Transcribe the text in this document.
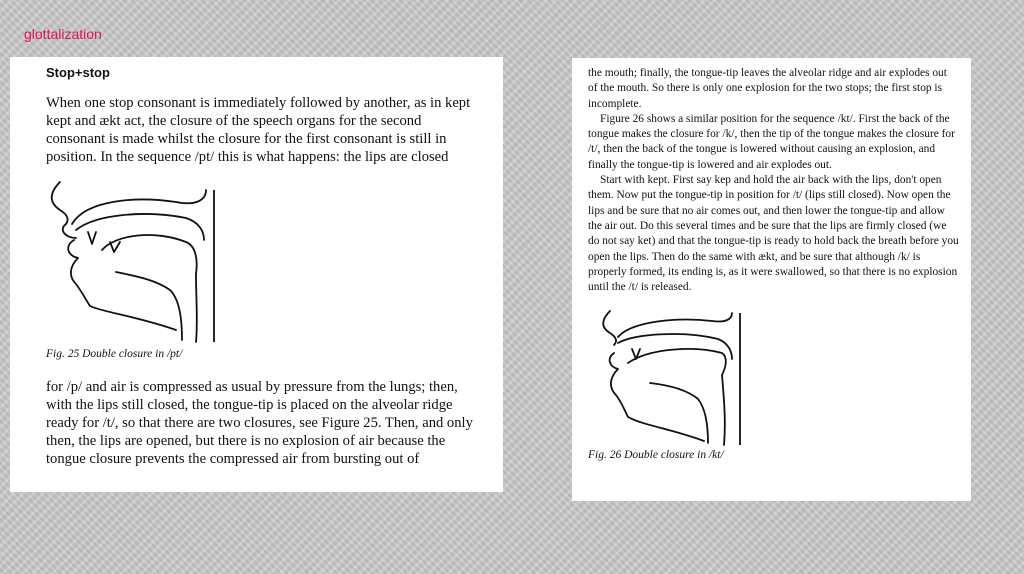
glottalization

Stop+stop

When one stop consonant is immediately followed by another, as in kept kept and ækt act, the closure of the speech organs for the second consonant is made whilst the closure for the first consonant is still in position. In the sequence /pt/ this is what happens: the lips are closed

Fig. 25 Double closure in /pt/

for /p/ and air is compressed as usual by pressure from the lungs; then, with the lips still closed, the tongue-tip is placed on the alveolar ridge ready for /t/, so that there are two closures, see Figure 25. Then, and only then, the lips are opened, but there is no explosion of air because the tongue closure prevents the compressed air from bursting out of

the mouth; finally, the tongue-tip leaves the alveolar ridge and air explodes out of the mouth. So there is only one explosion for the two stops; the first stop is incomplete.

Figure 26 shows a similar position for the sequence /kt/. First the back of the tongue makes the closure for /k/, then the tip of the tongue makes the closure for /t/, then the back of the tongue is lowered without causing an explosion, and finally the tongue-tip is lowered and air explodes out.

Start with kept. First say kep and hold the air back with the lips, don't open them. Now put the tongue-tip in position for /t/ (lips still closed). Now open the lips and be sure that no air comes out, and then lower the tongue-tip and allow the air out. Do this several times and be sure that the lips are firmly closed (we do not say ket) and that the tongue-tip is ready to hold back the breath before you open the lips. Then do the same with ækt, and be sure that although /k/ is properly formed, its ending is, as it were swallowed, so that there is no explosion until the /t/ is released.

Fig. 26 Double closure in /kt/
